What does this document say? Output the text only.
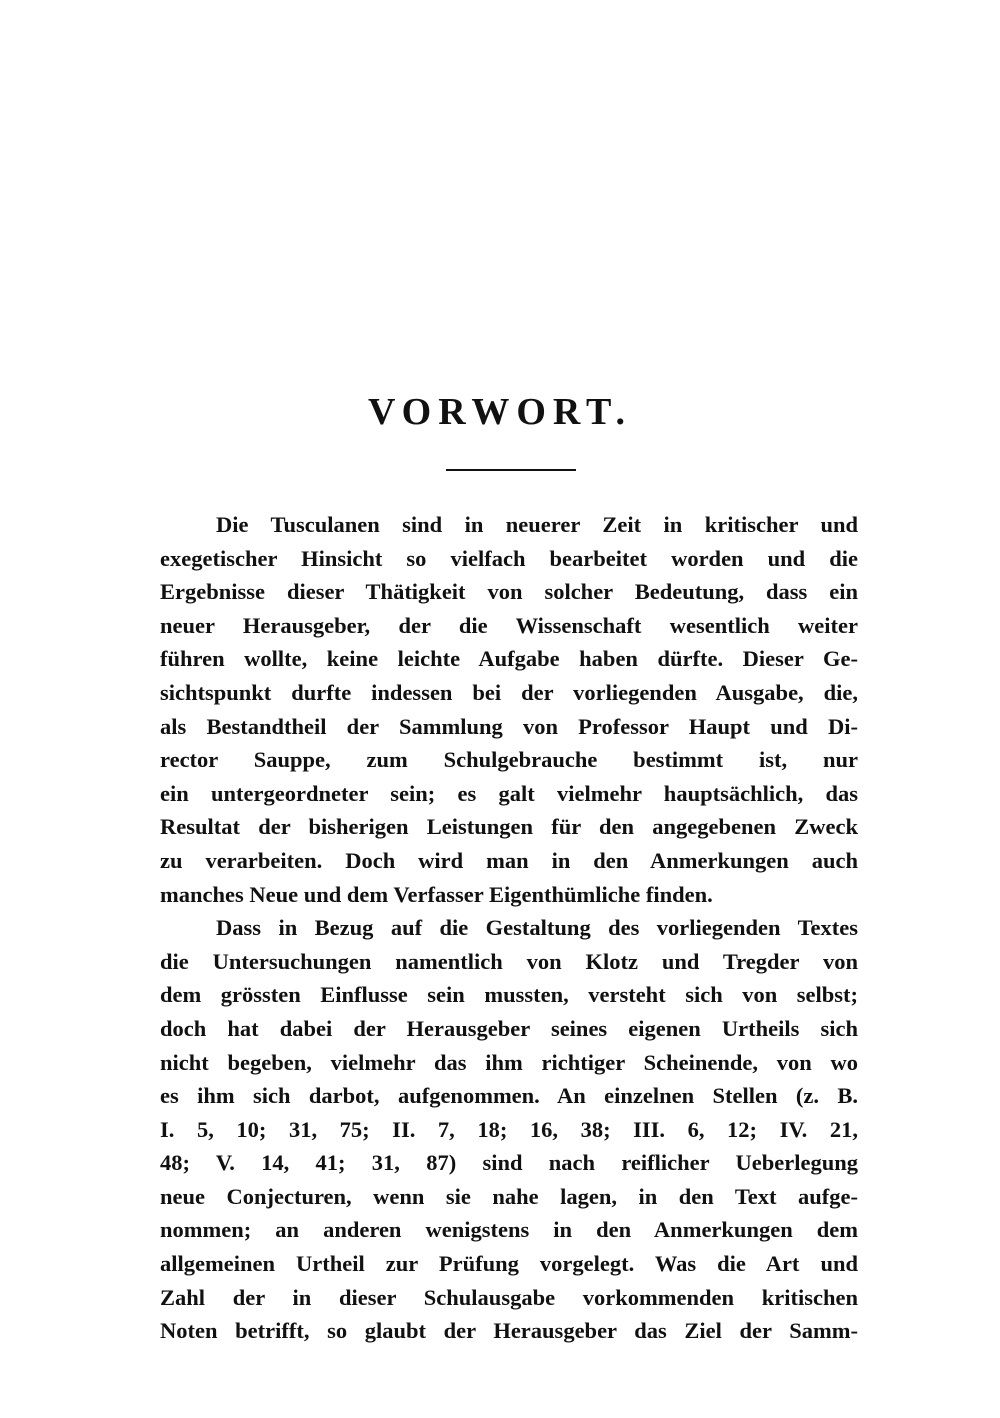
VORWORT.
Die Tusculanen sind in neuerer Zeit in kritischer und
exegetischer Hinsicht so vielfach bearbeitet worden und die
Ergebnisse dieser Thätigkeit von solcher Bedeutung, dass ein
neuer Herausgeber, der die Wissenschaft wesentlich weiter
führen wollte, keine leichte Aufgabe haben dürfte. Dieser Ge-
sichtspunkt durfte indessen bei der vorliegenden Ausgabe, die,
als Bestandtheil der Sammlung von Professor Haupt und Di-
rector Sauppe, zum Schulgebrauche bestimmt ist, nur
ein untergeordneter sein; es galt vielmehr hauptsächlich, das
Resultat der bisherigen Leistungen für den angegebenen Zweck
zu verarbeiten. Doch wird man in den Anmerkungen auch
manches Neue und dem Verfasser Eigenthümliche finden.
Dass in Bezug auf die Gestaltung des vorliegenden Textes
die Untersuchungen namentlich von Klotz und Tregder von
dem grössten Einflusse sein mussten, versteht sich von selbst;
doch hat dabei der Herausgeber seines eigenen Urtheils sich
nicht begeben, vielmehr das ihm richtiger Scheinende, von wo
es ihm sich darbot, aufgenommen. An einzelnen Stellen (z. B.
I. 5, 10; 31, 75; II. 7, 18; 16, 38; III. 6, 12; IV. 21,
48; V. 14, 41; 31, 87) sind nach reiflicher Ueberlegung
neue Conjecturen, wenn sie nahe lagen, in den Text aufge-
nommen; an anderen wenigstens in den Anmerkungen dem
allgemeinen Urtheil zur Prüfung vorgelegt. Was die Art und
Zahl der in dieser Schulausgabe vorkommenden kritischen
Noten betrifft, so glaubt der Herausgeber das Ziel der Samm-
